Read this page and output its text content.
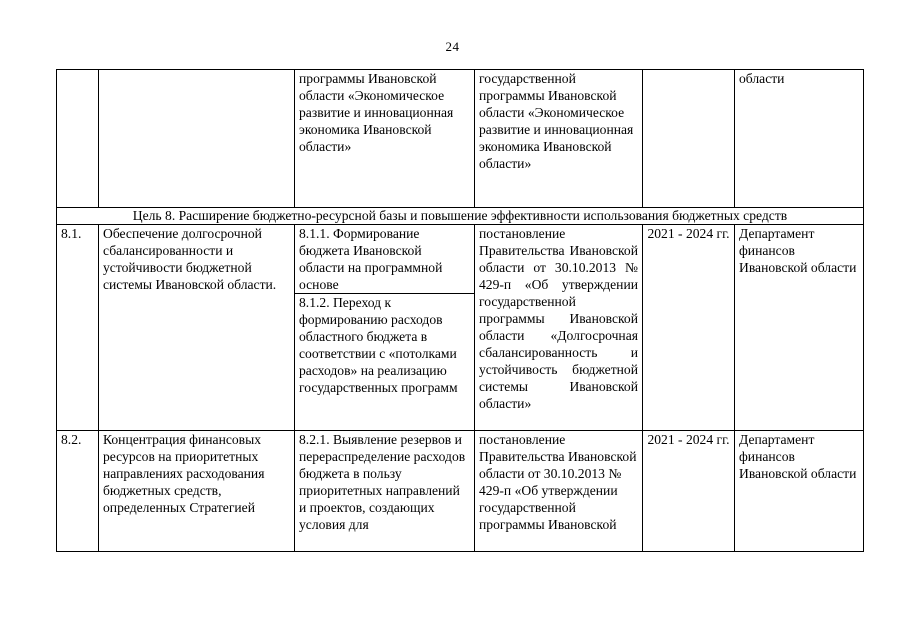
24
		программы Ивановской области «Экономическое развитие и инновационная экономика Ивановской области»	государственной программы Ивановской области «Экономическое развитие и инновационная экономика Ивановской области»		области
Цель 8. Расширение бюджетно-ресурсной базы и повышение эффективности использования бюджетных средств					
8.1.	Обеспечение долгосрочной сбалансированности и устойчивости бюджетной системы Ивановской области.	8.1.1. Формирование бюджета Ивановской области на программной основе	постановление Правительства Ивановской области от 30.10.2013 № 429-п «Об утверждении государственной программы Ивановской области «Долгосрочная сбалансированность и устойчивость бюджетной системы Ивановской области»	2021 - 2024 гг.	Департамент финансов Ивановской области
		8.1.2. Переход к формированию расходов областного бюджета в соответствии с «потолками расходов» на реализацию государственных программ			
8.2.	Концентрация финансовых ресурсов на приоритетных направлениях расходования бюджетных средств, определенных Стратегией	8.2.1. Выявление резервов и перераспределение расходов бюджета в пользу приоритетных направлений и проектов, создающих условия для	постановление Правительства Ивановской области от 30.10.2013 № 429-п «Об утверждении государственной программы Ивановской	2021 - 2024 гг.	Департамент финансов Ивановской области
